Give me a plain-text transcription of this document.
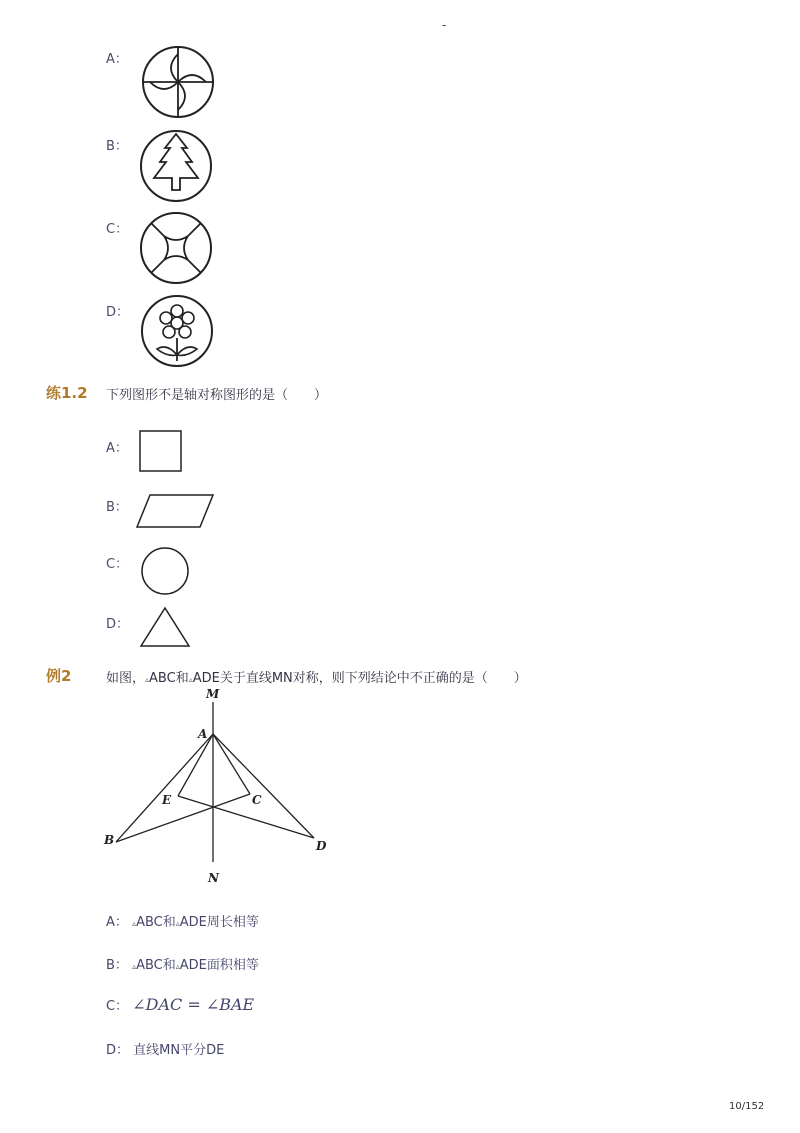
-
A：
B：
C：
D：
练1.2 下列图形不是轴对称图形的是（　　）
A：
B：
C：
D：
例2	如图，▵ABC和▵ADE关于直线MN对称，则下列结论中不正确的是（　　）
M
A
E	C
B	D
N
A： ▵ABC和▵ADE周长相等
B： ▵ABC和▵ADE面积相等
C： ∠DAC = ∠BAE
D： 直线MN平分DE
10/152
